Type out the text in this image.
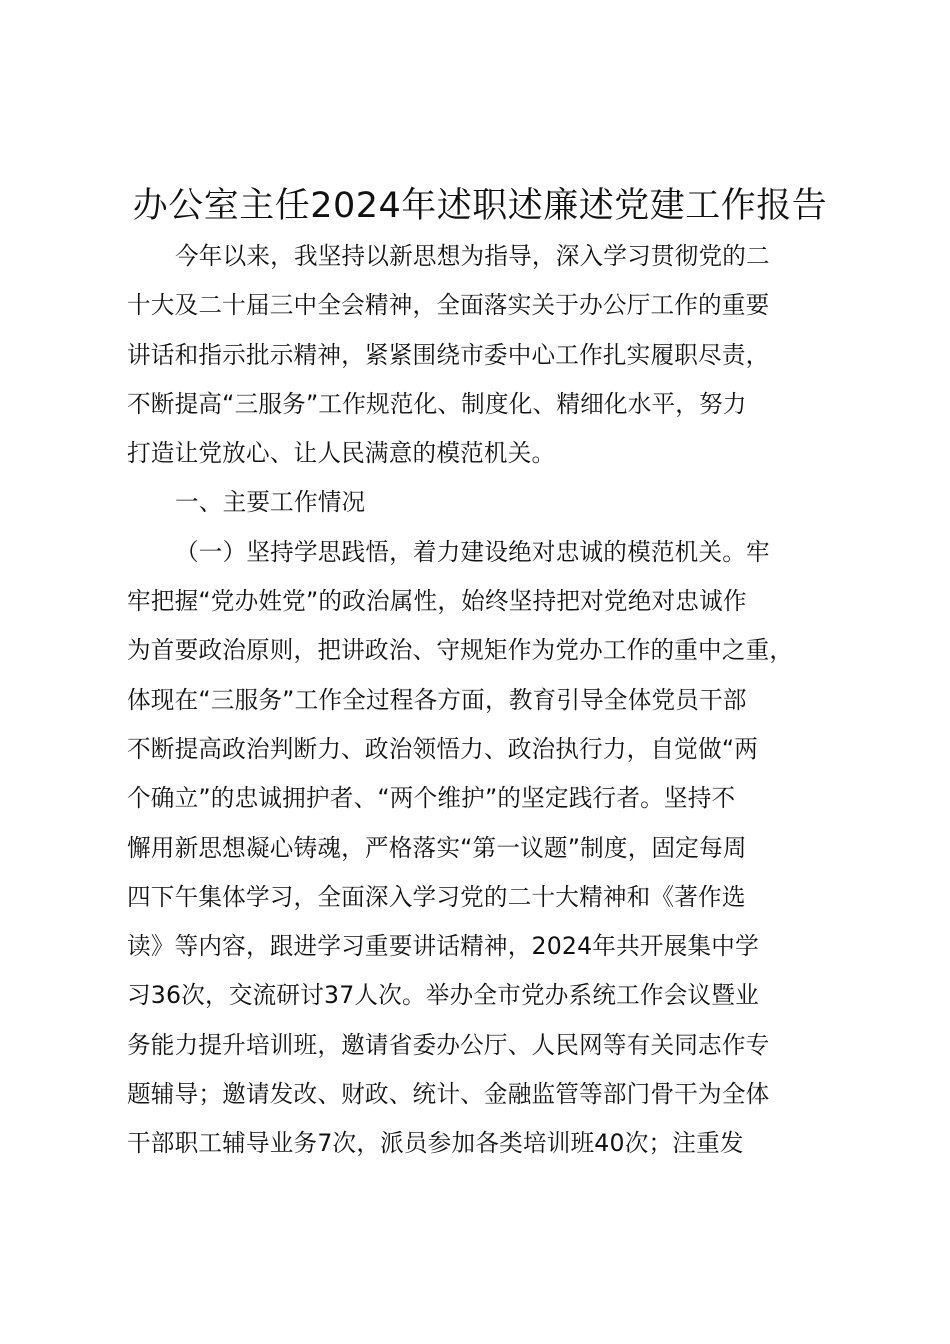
办公室主任2024年述职述廉述党建工作报告
今年以来，我坚持以新思想为指导，深入学习贯彻党的二
十大及二十届三中全会精神，全面落实关于办公厅工作的重要
讲话和指示批示精神，紧紧围绕市委中心工作扎实履职尽责，
不断提高“三服务”工作规范化、制度化、精细化水平，努力
打造让党放心、让人民满意的模范机关。
一、主要工作情况
（一）坚持学思践悟，着力建设绝对忠诚的模范机关。牢
牢把握“党办姓党”的政治属性，始终坚持把对党绝对忠诚作
为首要政治原则，把讲政治、守规矩作为党办工作的重中之重，
体现在“三服务”工作全过程各方面，教育引导全体党员干部
不断提高政治判断力、政治领悟力、政治执行力，自觉做“两
个确立”的忠诚拥护者、“两个维护”的坚定践行者。坚持不
懈用新思想凝心铸魂，严格落实“第一议题”制度，固定每周
四下午集体学习，全面深入学习党的二十大精神和《著作选
读》等内容，跟进学习重要讲话精神，2024年共开展集中学
习36次，交流研讨37人次。举办全市党办系统工作会议暨业
务能力提升培训班，邀请省委办公厅、人民网等有关同志作专
题辅导；邀请发改、财政、统计、金融监管等部门骨干为全体
干部职工辅导业务7次，派员参加各类培训班40次；注重发
